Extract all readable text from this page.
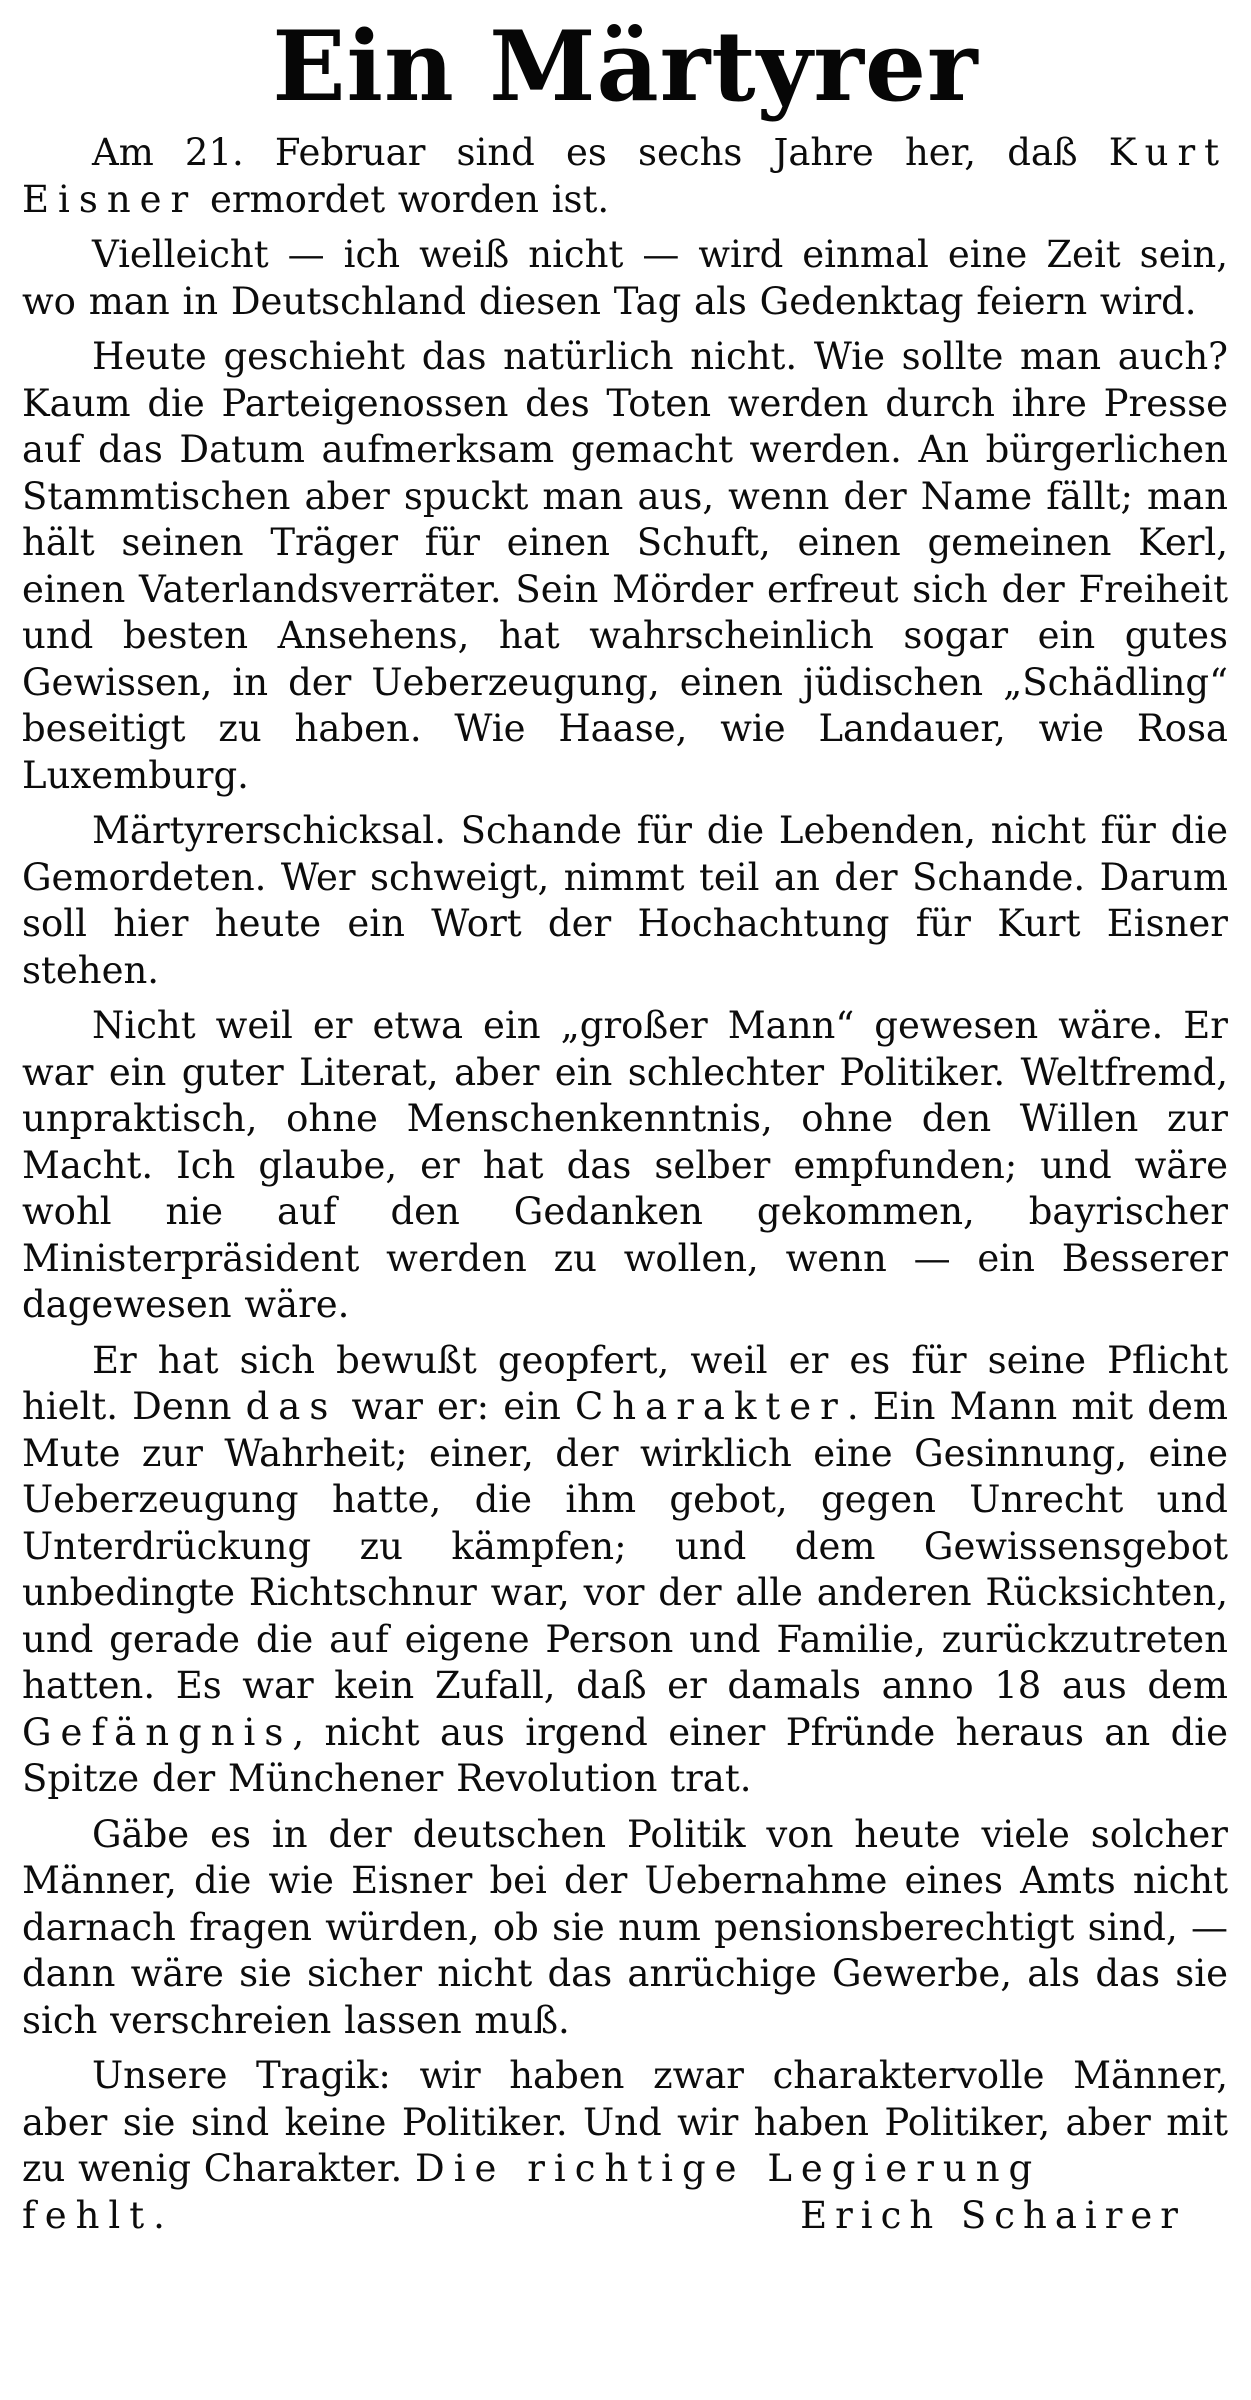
Ein Märtyrer

Am 21. Februar sind es sechs Jahre her, daß Kurt Eisner ermordet worden ist.

Vielleicht — ich weiß nicht — wird einmal eine Zeit sein, wo man in Deutschland diesen Tag als Gedenktag feiern wird.

Heute geschieht das natürlich nicht. Wie sollte man auch? Kaum die Parteigenossen des Toten werden durch ihre Presse auf das Datum aufmerksam gemacht werden. An bürgerlichen Stammtischen aber spuckt man aus, wenn der Name fällt; man hält seinen Träger für einen Schuft, einen gemeinen Kerl, einen Vaterlandsverräter. Sein Mörder erfreut sich der Freiheit und besten Ansehens, hat wahrscheinlich sogar ein gutes Gewissen, in der Ueberzeugung, einen jüdischen „Schädling“ beseitigt zu haben. Wie Haase, wie Landauer, wie Rosa Luxemburg.

Märtyrerschicksal. Schande für die Lebenden, nicht für die Gemordeten. Wer schweigt, nimmt teil an der Schande. Darum soll hier heute ein Wort der Hochachtung für Kurt Eisner stehen.

Nicht weil er etwa ein „großer Mann“ gewesen wäre. Er war ein guter Literat, aber ein schlechter Politiker. Weltfremd, unpraktisch, ohne Menschenkenntnis, ohne den Willen zur Macht. Ich glaube, er hat das selber empfunden; und wäre wohl nie auf den Gedanken gekommen, bayrischer Ministerpräsident werden zu wollen, wenn — ein Besserer dagewesen wäre.

Er hat sich bewußt geopfert, weil er es für seine Pflicht hielt. Denn das war er: ein Charakter. Ein Mann mit dem Mute zur Wahrheit; einer, der wirklich eine Gesinnung, eine Ueberzeugung hatte, die ihm gebot, gegen Unrecht und Unterdrückung zu kämpfen; und dem Gewissensgebot unbedingte Richtschnur war, vor der alle anderen Rücksichten, und gerade die auf eigene Person und Familie, zurückzutreten hatten. Es war kein Zufall, daß er damals anno 18 aus dem Gefängnis, nicht aus irgend einer Pfründe heraus an die Spitze der Münchener Revolution trat.

Gäbe es in der deutschen Politik von heute viele solcher Männer, die wie Eisner bei der Uebernahme eines Amts nicht darnach fragen würden, ob sie num pensionsberechtigt sind, — dann wäre sie sicher nicht das anrüchige Gewerbe, als das sie sich verschreien lassen muß.

Unsere Tragik: wir haben zwar charaktervolle Männer, aber sie sind keine Politiker. Und wir haben Politiker, aber mit zu wenig Charakter. Die richtige Legierung

fehlt.	Erich Schairer
